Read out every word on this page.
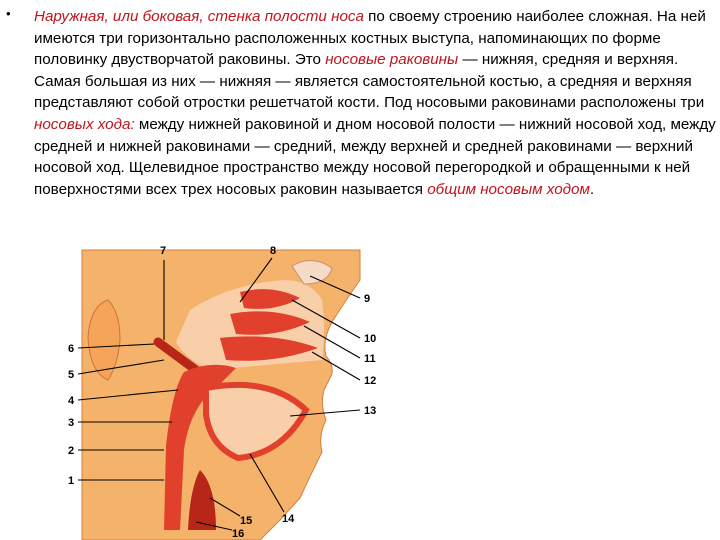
• Наружная, или боковая, стенка полости носа по своему строению наиболее сложная. На ней имеются три горизонтально расположенных костных выступа, напоминающих по форме половинку двустворчатой раковины. Это носовые раковины — нижняя, средняя и верхняя. Самая большая из них — нижняя — является самостоятельной костью, а средняя и верхняя представляют собой отростки решетчатой кости. Под носовыми раковинами расположены три носовых хода: между нижней раковиной и дном носовой полости — нижний носовой ход, между средней и нижней раковинами — средний, между верхней и средней раковинами — верхний носовой ход. Щелевидное пространство между носовой перегородкой и обращенными к ней поверхностями всех трех носовых раковин называется общим носовым ходом.
1
2
3
4
5
6
7	8
9
10
11
12
13
14
15
16
